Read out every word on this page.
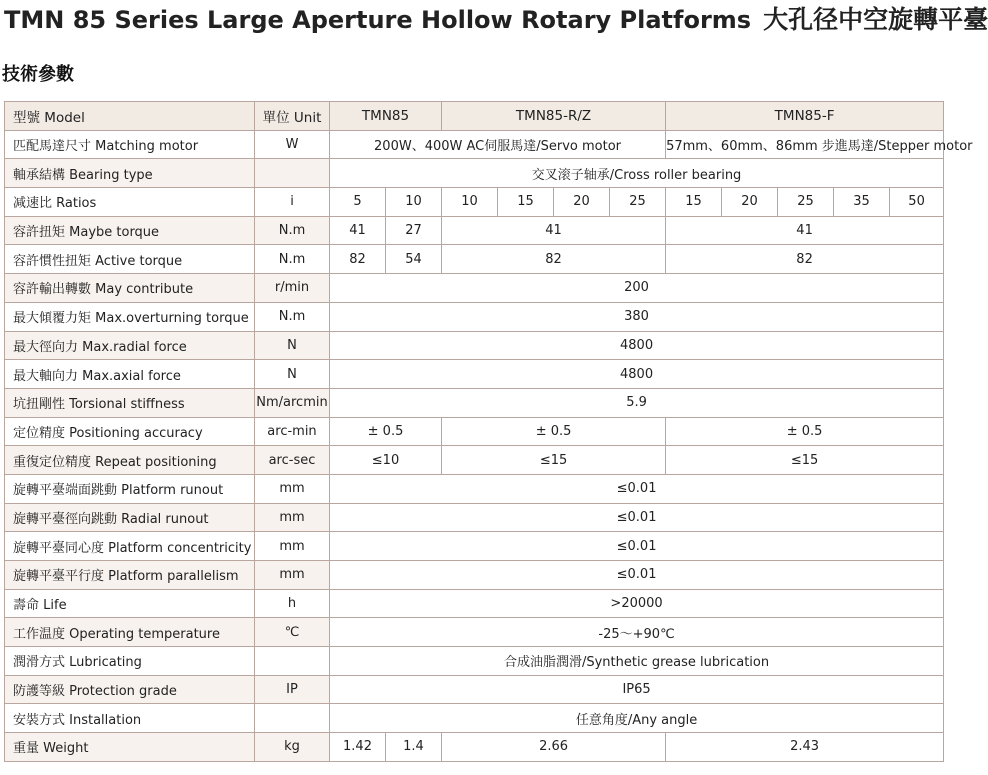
TMN 85 Series Large Aperture Hollow Rotary Platforms 大孔径中空旋轉平臺
技術參數
型號 Model	單位 Unit	TMN85		TMN85-R/Z				TMN85-F				
匹配馬達尺寸 Matching motor	W	200W、400W AC伺服馬達/Servo motor						57mm、60mm、86mm 步進馬達/Stepper motor				
軸承結構 Bearing type		交叉滚子轴承/Cross roller bearing										
减速比 Ratios	i	5	10	10	15	20	25	15	20	25	35	50
容許扭矩 Maybe torque	N.m	41	27	41				41				
容許慣性扭矩 Active torque	N.m	82	54	82				82				
容許輸出轉數 May contribute	r/min	200										
最大傾覆力矩 Max.overturning torque	N.m	380										
最大徑向力 Max.radial force	N	4800										
最大軸向力 Max.axial force	N	4800										
坑扭剛性 Torsional stiffness	Nm/arcmin	5.9										
定位精度 Positioning accuracy	arc-min	± 0.5		± 0.5				± 0.5				
重復定位精度 Repeat positioning	arc-sec	≤10		≤15				≤15				
旋轉平臺端面跳動 Platform runout	mm	≤0.01										
旋轉平臺徑向跳動 Radial runout	mm	≤0.01										
旋轉平臺同心度 Platform concentricity	mm	≤0.01										
旋轉平臺平行度 Platform parallelism	mm	≤0.01										
壽命 Life	h	>20000										
工作温度 Operating temperature	℃	-25～+90℃										
潤滑方式 Lubricating		合成油脂潤滑/Synthetic grease lubrication										
防護等級 Protection grade	IP	IP65										
安裝方式 Installation		任意角度/Any angle										
重量 Weight	kg	1.42	1.4	2.66				2.43				
